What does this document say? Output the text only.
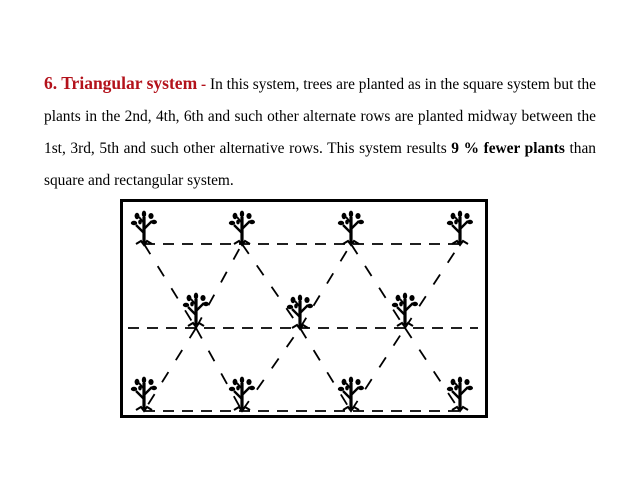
6. Triangular system - In this system, trees are planted as in the square system but the plants in the 2nd, 4th, 6th and such other alternate rows are planted midway between the 1st, 3rd, 5th and such other alternative rows. This system results 9 % fewer plants than square and rectangular system.
